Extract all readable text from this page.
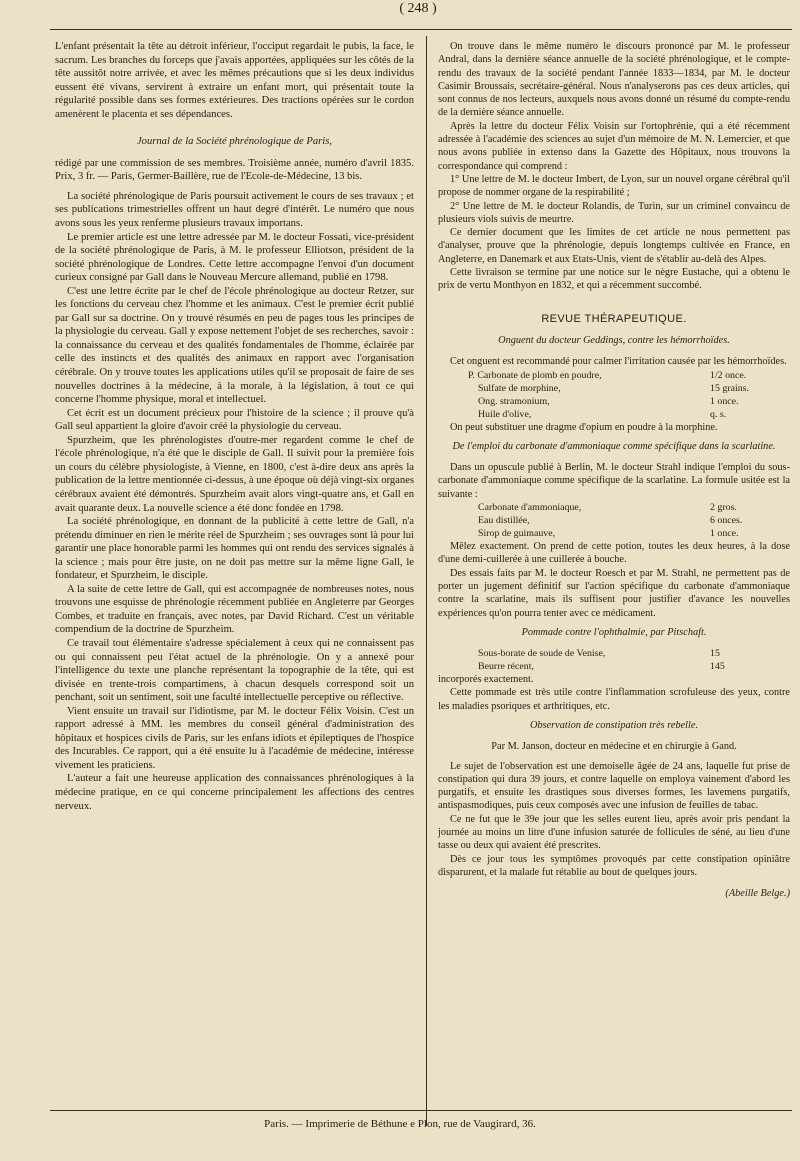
( 248 )

L'enfant présentait la tête au détroit inférieur, l'occiput regardait le pubis, la face, le sacrum. Les branches du forceps que j'avais apportées, appliquées sur les côtés de la tête aussitôt notre arrivée, et avec les mêmes précautions que si les deux individus eussent été vivans, servirent à extraire un enfant mort, qui présentait toute la régularité possible dans ses formes extérieures. Des tractions opérées sur le cordon amenèrent le placenta et ses dépendances.

Journal de la Société phrénologique de Paris,

rédigé par une commission de ses membres. Troisième année, numéro d'avril 1835. Prix, 3 fr. — Paris, Germer-Baillère, rue de l'Ecole-de-Médecine, 13 bis.

La société phrénologique de Paris poursuit activement le cours de ses travaux ; et ses publications trimestrielles offrent un haut degré d'intérêt. Le numéro que nous avons sous les yeux renferme plusieurs travaux importans.

Le premier article est une lettre adressée par M. le docteur Fossati, vice-président de la société phrénologique de Paris, à M. le professeur Elliotson, président de la société phrénologique de Londres. Cette lettre accompagne l'envoi d'un document curieux consigné par Gall dans le Nouveau Mercure allemand, publié en 1798.

C'est une lettre écrite par le chef de l'école phrénologique au docteur Retzer, sur les fonctions du cerveau chez l'homme et les animaux. C'est le premier écrit publié par Gall sur sa doctrine. On y trouvé résumés en peu de pages tous les principes de la physiologie du cerveau. Gall y expose nettement l'objet de ses recherches, savoir : la connaissance du cerveau et des qualités fondamentales de l'homme, éclairée par celle des instincts et des qualités des animaux en rapport avec l'organisation cérébrale. On y trouve toutes les applications utiles qu'il se proposait de faire de ses nouvelles doctrines à la médecine, à la morale, à la législation, à tout ce qui concerne l'homme physique, moral et intellectuel.

Cet écrit est un document précieux pour l'histoire de la science ; il prouve qu'à Gall seul appartient la gloire d'avoir créé la physiologie du cerveau.

Spurzheim, que les phrénologistes d'outre-mer regardent comme le chef de l'école phrénologique, n'a été que le disciple de Gall. Il suivit pour la première fois un cours du célèbre physiologiste, à Vienne, en 1800, c'est à-dire deux ans après la publication de la lettre mentionnée ci-dessus, à une époque où déjà vingt-six organes cérébraux avaient été démontrés. Spurzheim avait alors vingt-quatre ans, et Gall en avait quarante deux. La nouvelle science a été donc fondée en 1798.

La société phrénologique, en donnant de la publicité à cette lettre de Gall, n'a prétendu diminuer en rien le mérite réel de Spurzheim ; ses ouvrages sont là pour lui garantir une place honorable parmi les hommes qui ont rendu des services signalés à la science ; mais pour être juste, on ne doit pas mettre sur la même ligne Gall, le fondateur, et Spurzheim, le disciple.

A la suite de cette lettre de Gall, qui est accompagnée de nombreuses notes, nous trouvons une esquisse de phrénologie récemment publiée en Angleterre par Georges Combes, et traduite en français, avec notes, par David Richard. C'est un véritable compendium de la doctrine de Spurzheim.

Ce travail tout élémentaire s'adresse spécialement à ceux qui ne connaissent pas ou qui connaissent peu l'état actuel de la phrénologie. On y a annexé pour l'intelligence du texte une planche représentant la topographie de la tête, qui est divisée en trente-trois compartimens, à chacun desquels correspond soit un penchant, soit un sentiment, soit une faculté intellectuelle perceptive ou réflective.

Vient ensuite un travail sur l'idiotisme, par M. le docteur Félix Voisin. C'est un rapport adressé à MM. les membres du conseil général d'administration des hôpitaux et hospices civils de Paris, sur les enfans idiots et épileptiques de l'hospice des Incurables. Ce rapport, qui a été ensuite lu à l'académie de médecine, intéresse vivement les praticiens.

L'auteur a fait une heureuse application des connaissances phrénologiques à la médecine pratique, en ce qui concerne principalement les affections des centres nerveux.

On trouve dans le même numéro le discours prononcé par M. le professeur Andral, dans la dernière séance annuelle de la société phrénologique, et le compte-rendu des travaux de la société pendant l'année 1833—1834, par M. le docteur Casimir Broussais, secrétaire-général. Nous n'analyserons pas ces deux articles, qui sont connus de nos lecteurs, auxquels nous avons donné un résumé du compte-rendu de la dernière séance annuelle.

Après la lettre du docteur Félix Voisin sur l'ortophrénie, qui a été récemment adressée à l'académie des sciences au sujet d'un mémoire de M. N. Lemercier, et que nous avons publiée in extenso dans la Gazette des Hôpitaux, nous trouvons la correspondance qui comprend :

1° Une lettre de M. le docteur Imbert, de Lyon, sur un nouvel organe cérébral qu'il propose de nommer organe de la respirabilité ;

2° Une lettre de M. le docteur Rolandis, de Turin, sur un criminel convaincu de plusieurs viols suivis de meurtre.

Ce dernier document que les limites de cet article ne nous permettent pas d'analyser, prouve que la phrénologie, depuis longtemps cultivée en France, en Angleterre, en Danemark et aux Etats-Unis, vient de s'établir au-delà des Alpes.

Cette livraison se termine par une notice sur le nègre Eustache, qui a obtenu le prix de vertu Monthyon en 1832, et qui a récemment succombé.

REVUE THÉRAPEUTIQUE.

Onguent du docteur Geddings, contre les hémorrhoïdes.

Cet onguent est recommandé pour calmer l'irritation causée par les hémorrhoïdes.

P. Carbonate de plomb en poudre,	1/2 once.
Sulfate de morphine,	15 grains.
Ong. stramonium,	1 once.
Huile d'olive,	q. s.

On peut substituer une dragme d'opium en poudre à la morphine.

De l'emploi du carbonate d'ammoniaque comme spécifique dans la scarlatine.

Dans un opuscule publié à Berlin, M. le docteur Strahl indique l'emploi du sous-carbonate d'ammoniaque comme spécifique de la scarlatine. La formule usitée est la suivante :

Carbonate d'ammoniaque,	2 gros.
Eau distillée,	6 onces.
Sirop de guimauve,	1 once.

Mêlez exactement. On prend de cette potion, toutes les deux heures, à la dose d'une demi-cuillerée à une cuillerée à bouche.

Des essais faits par M. le docteur Roesch et par M. Strahl, ne permettent pas de porter un jugement définitif sur l'action spécifique du carbonate d'ammoniaque contre la scarlatine, mais ils suffisent pour justifier d'avance les nouvelles expériences qu'on pourra tenter avec ce médicament.

Pommade contre l'ophthalmie, par Pitschaft.

Sous-borate de soude de Venise,	15
Beurre récent,	145

incorporés exactement.

Cette pommade est très utile contre l'inflammation scrofuleuse des yeux, contre les maladies psoriques et arthritiques, etc.

Observation de constipation très rebelle.

Par M. Janson, docteur en médecine et en chirurgie à Gand.

Le sujet de l'observation est une demoiselle âgée de 24 ans, laquelle fut prise de constipation qui dura 39 jours, et contre laquelle on employa vainement d'abord les purgatifs, et ensuite les drastiques sous diverses formes, les lavemens purgatifs, antispasmodiques, puis ceux composés avec une infusion de feuilles de tabac.

Ce ne fut que le 39e jour que les selles eurent lieu, après avoir pris pendant la journée au moins un litre d'une infusion saturée de follicules de séné, au lieu d'une tasse ou deux qui avaient été prescrites.

Dès ce jour tous les symptômes provoqués par cette constipation opiniâtre disparurent, et la malade fut rétablie au bout de quelques jours.

(Abeille Belge.)

Paris. — Imprimerie de Béthune e Plon, rue de Vaugirard, 36.
